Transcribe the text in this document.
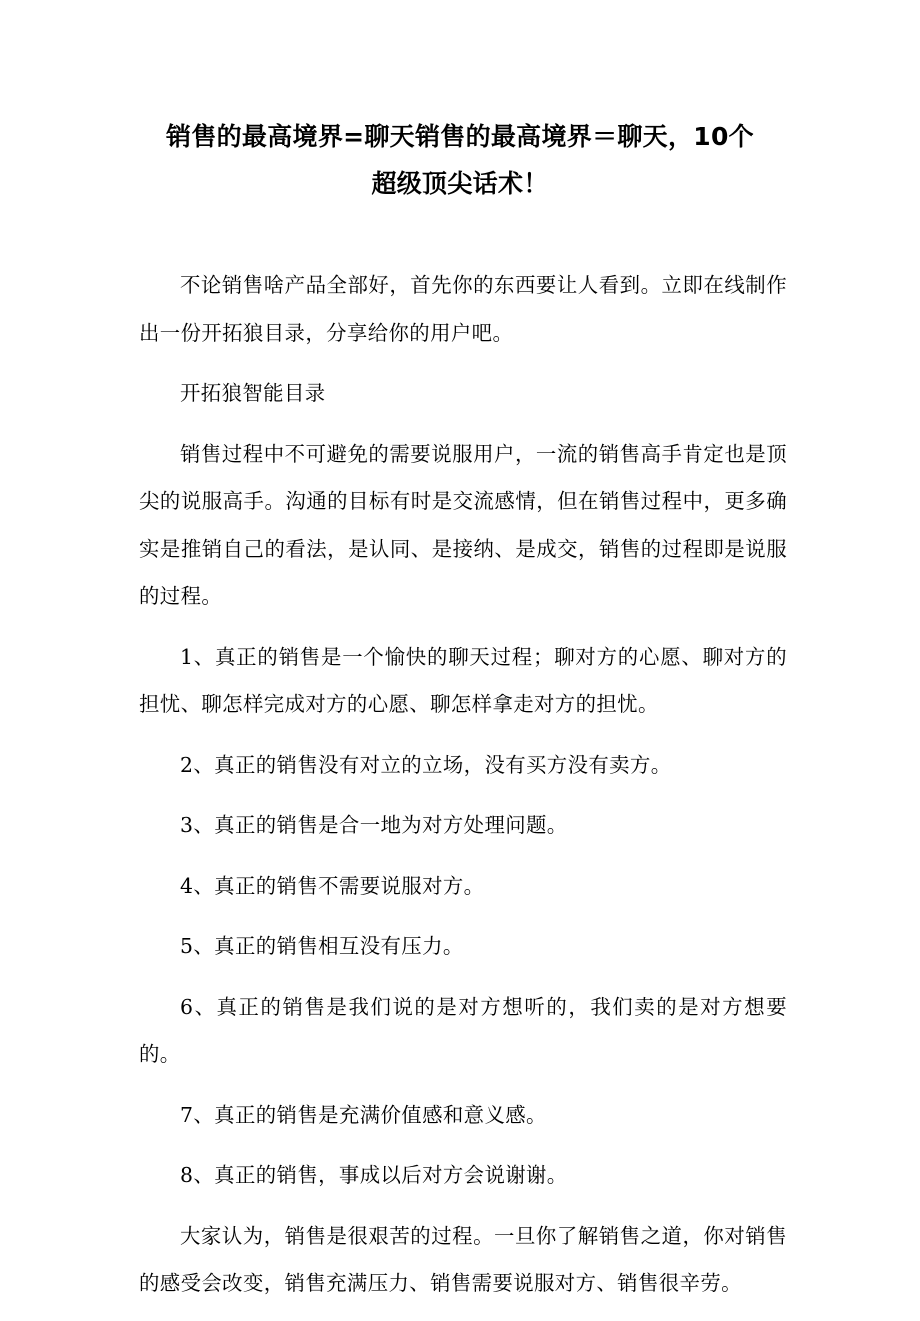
销售的最高境界=聊天销售的最高境界＝聊天，10个
超级顶尖话术！

不论销售啥产品全部好，首先你的东西要让人看到。立即在线制作出一份开拓狼目录，分享给你的用户吧。

开拓狼智能目录

销售过程中不可避免的需要说服用户，一流的销售高手肯定也是顶尖的说服高手。沟通的目标有时是交流感情，但在销售过程中，更多确实是推销自己的看法，是认同、是接纳、是成交，销售的过程即是说服的过程。

1、真正的销售是一个愉快的聊天过程；聊对方的心愿、聊对方的担忧、聊怎样完成对方的心愿、聊怎样拿走对方的担忧。

2、真正的销售没有对立的立场，没有买方没有卖方。

3、真正的销售是合一地为对方处理问题。

4、真正的销售不需要说服对方。

5、真正的销售相互没有压力。

6、真正的销售是我们说的是对方想听的，我们卖的是对方想要的。

7、真正的销售是充满价值感和意义感。

8、真正的销售，事成以后对方会说谢谢。

大家认为，销售是很艰苦的过程。一旦你了解销售之道，你对销售的感受会改变，销售充满压力、销售需要说服对方、销售很辛劳。
